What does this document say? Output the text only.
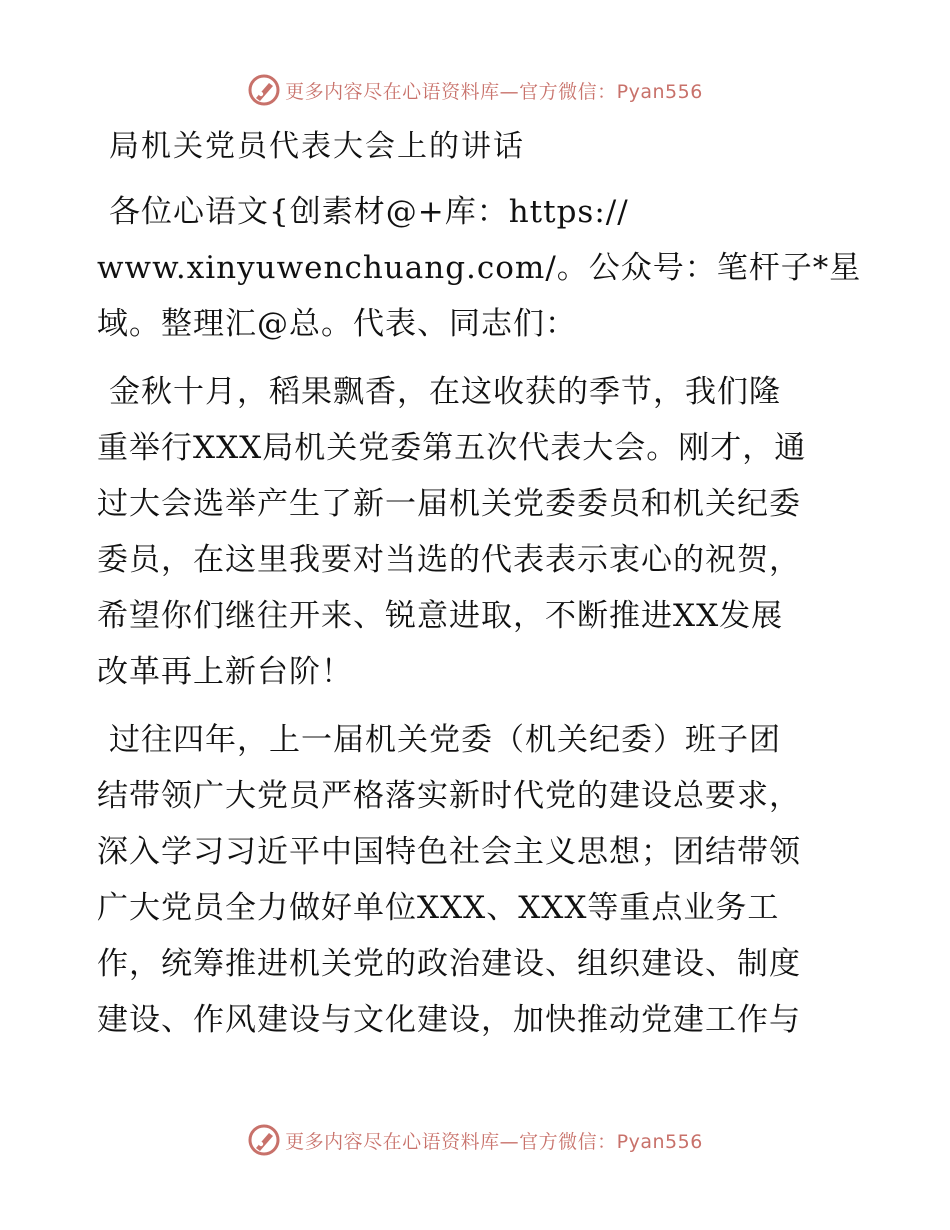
更多内容尽在心语资料库—官方微信：Pyan556
局机关党员代表大会上的讲话

各位心语文{创素材@+库：https://
www.xinyuwenchuang.com/。公众号：笔杆子*星
域。整理汇@总。代表、同志们：

金秋十月，稻果飘香，在这收获的季节，我们隆
重举行XXX局机关党委第五次代表大会。刚才，通
过大会选举产生了新一届机关党委委员和机关纪委
委员，在这里我要对当选的代表表示衷心的祝贺，
希望你们继往开来、锐意进取，不断推进XX发展
改革再上新台阶！

过往四年，上一届机关党委（机关纪委）班子团
结带领广大党员严格落实新时代党的建设总要求，
深入学习习近平中国特色社会主义思想；团结带领
广大党员全力做好单位XXX、XXX等重点业务工
作，统筹推进机关党的政治建设、组织建设、制度
建设、作风建设与文化建设，加快推动党建工作与

更多内容尽在心语资料库—官方微信：Pyan556
